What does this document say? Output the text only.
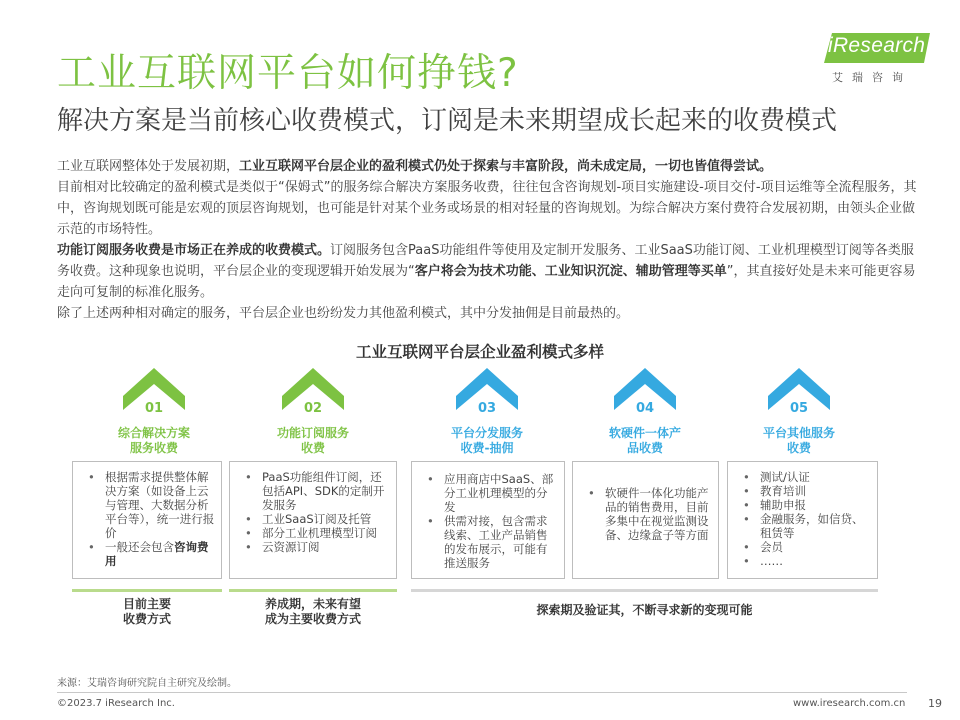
工业互联网平台如何挣钱?
解决方案是当前核心收费模式，订阅是未来期望成长起来的收费模式
iResearch
艾瑞咨询

工业互联网整体处于发展初期，工业互联网平台层企业的盈利模式仍处于探索与丰富阶段，尚未成定局，一切也皆值得尝试。

目前相对比较确定的盈利模式是类似于“保姆式”的服务综合解决方案服务收费，往往包含咨询规划-项目实施建设-项目交付-项目运维等全流程服务，其中，咨询规划既可能是宏观的顶层咨询规划，也可能是针对某个业务或场景的相对轻量的咨询规划。为综合解决方案付费符合发展初期，由领头企业做示范的市场特性。

功能订阅服务收费是市场正在养成的收费模式。订阅服务包含PaaS功能组件等使用及定制开发服务、工业SaaS功能订阅、工业机理模型订阅等各类服务收费。这种现象也说明，平台层企业的变现逻辑开始发展为“客户将会为技术功能、工业知识沉淀、辅助管理等买单”，其直接好处是未来可能更容易走向可复制的标准化服务。

除了上述两种相对确定的服务，平台层企业也纷纷发力其他盈利模式，其中分发抽佣是目前最热的。

工业互联网平台层企业盈利模式多样
01
综合解决方案
服务收费
02
功能订阅服务
收费
03
平台分发服务
收费-抽佣
04
软硬件一体产
品收费
05
平台其他服务
收费
• 根据需求提供整体解决方案（如设备上云与管理、大数据分析平台等），统一进行报价
• 一般还会包含咨询费用
• PaaS功能组件订阅，还包括API、SDK的定制开发服务
• 工业SaaS订阅及托管
• 部分工业机理模型订阅
• 云资源订阅
• 应用商店中SaaS、部分工业机理模型的分发
• 供需对接，包含需求线索、工业产品销售的发布展示，可能有推送服务
• 软硬件一体化功能产品的销售费用，目前多集中在视觉监测设备、边缘盒子等方面
• 测试/认证
• 教育培训
• 辅助申报
• 金融服务，如信贷、租赁等
• 会员
• ……
目前主要
收费方式
养成期，未来有望
成为主要收费方式
探索期及验证其，不断寻求新的变现可能
来源：艾瑞咨询研究院自主研究及绘制。
©2023.7 iResearch Inc.	www.iresearch.com.cn 19
